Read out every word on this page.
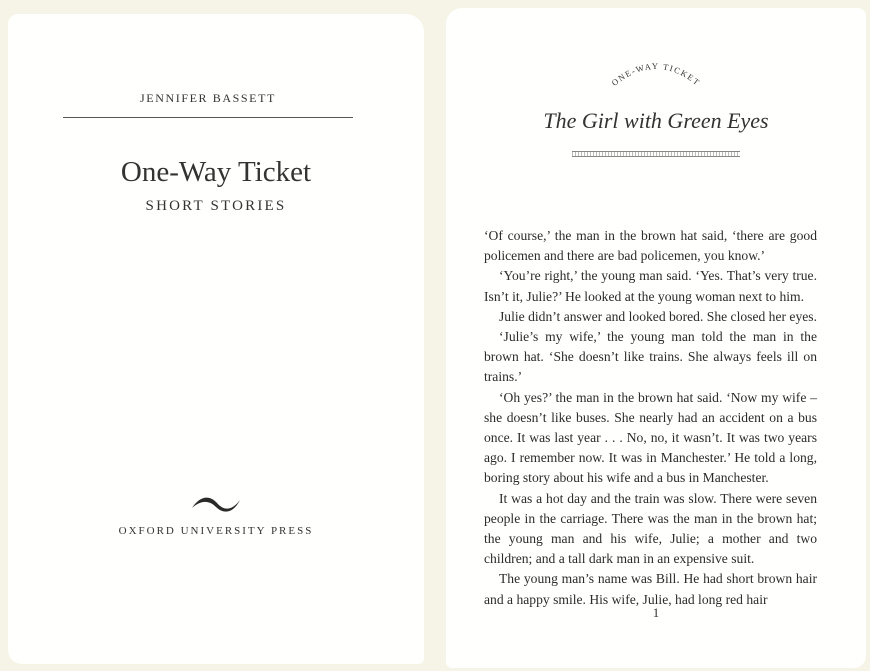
JENNIFER BASSETT
One-Way Ticket
SHORT STORIES
OXFORD UNIVERSITY PRESS
ONE-WAY TICKET
The Girl with Green Eyes

‘Of course,’ the man in the brown hat said, ‘there are good policemen and there are bad policemen, you know.’

‘You’re right,’ the young man said. ‘Yes. That’s very true. Isn’t it, Julie?’ He looked at the young woman next to him.

Julie didn’t answer and looked bored. She closed her eyes.

‘Julie’s my wife,’ the young man told the man in the brown hat. ‘She doesn’t like trains. She always feels ill on trains.’

‘Oh yes?’ the man in the brown hat said. ‘Now my wife – she doesn’t like buses. She nearly had an accident on a bus once. It was last year . . . No, no, it wasn’t. It was two years ago. I remember now. It was in Manchester.’ He told a long, boring story about his wife and a bus in Manchester.

It was a hot day and the train was slow. There were seven people in the carriage. There was the man in the brown hat; the young man and his wife, Julie; a mother and two children; and a tall dark man in an expensive suit.

The young man’s name was Bill. He had short brown hair and a happy smile. His wife, Julie, had long red hair

1
